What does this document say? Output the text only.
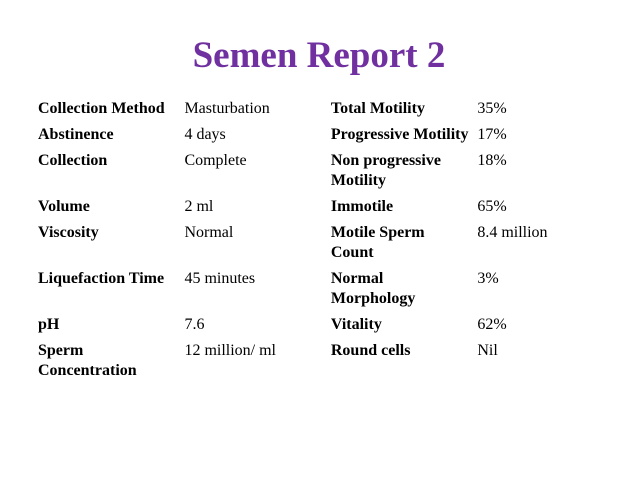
Semen Report 2
Collection Method	Masturbation	Total Motility	35%
Abstinence	4 days	Progressive Motility	17%
Collection	Complete	Non progressive Motility	18%
Volume	2 ml	Immotile	65%
Viscosity	Normal	Motile Sperm Count	8.4 million
Liquefaction Time	45 minutes	Normal Morphology	3%
pH	7.6	Vitality	62%
Sperm Concentration	12 million/ ml	Round cells	Nil
